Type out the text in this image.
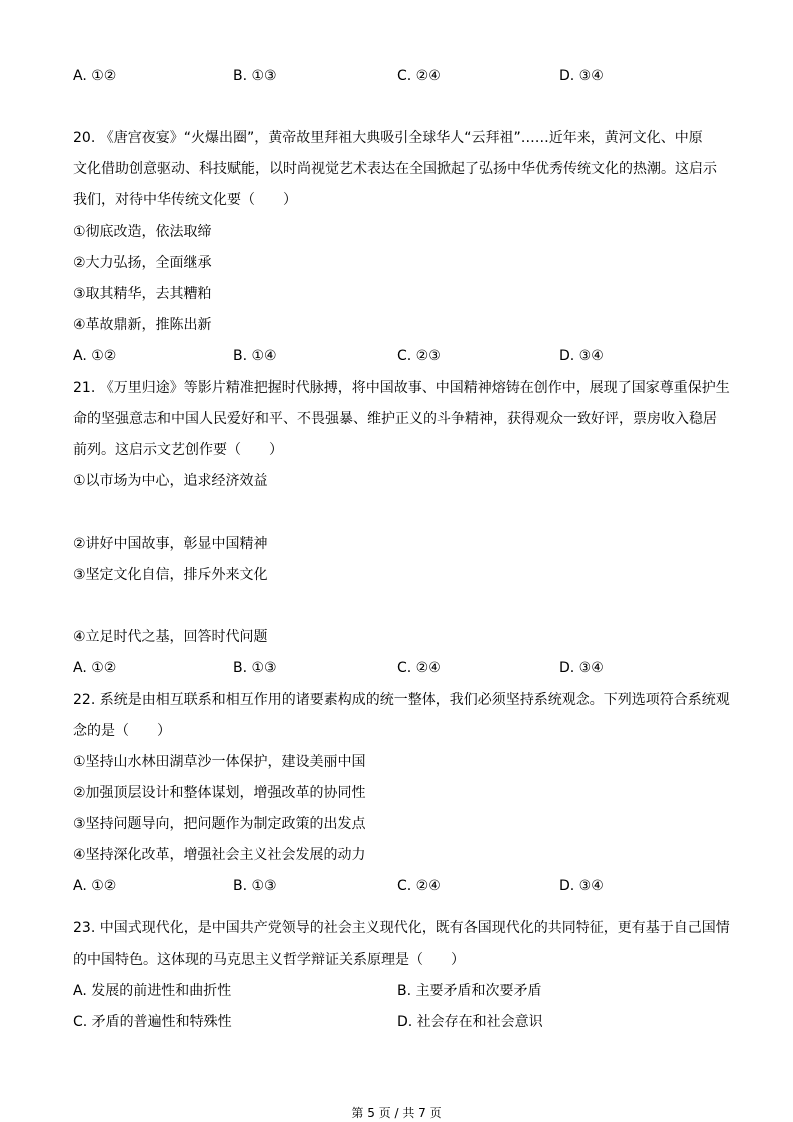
A. ①②	B. ①③	C. ②④	D. ③④
20. 《唐宫夜宴》“火爆出圈”，黄帝故里拜祖大典吸引全球华人“云拜祖”……近年来，黄河文化、中原
文化借助创意驱动、科技赋能，以时尚视觉艺术表达在全国掀起了弘扬中华优秀传统文化的热潮。这启示
我们，对待中华传统文化要（　　）
①彻底改造，依法取缔
②大力弘扬，全面继承
③取其精华，去其糟粕
④革故鼎新，推陈出新
A. ①②	B. ①④	C. ②③	D. ③④
21. 《万里归途》等影片精准把握时代脉搏，将中国故事、中国精神熔铸在创作中，展现了国家尊重保护生
命的坚强意志和中国人民爱好和平、不畏强暴、维护正义的斗争精神，获得观众一致好评，票房收入稳居
前列。这启示文艺创作要（　　）
①以市场为中心，追求经济效益
②讲好中国故事，彰显中国精神
③坚定文化自信，排斥外来文化
④立足时代之基，回答时代问题
A. ①②	B. ①③	C. ②④	D. ③④
22. 系统是由相互联系和相互作用的诸要素构成的统一整体，我们必须坚持系统观念。下列选项符合系统观
念的是（　　）
①坚持山水林田湖草沙一体保护，建设美丽中国
②加强顶层设计和整体谋划，增强改革的协同性
③坚持问题导向，把问题作为制定政策的出发点
④坚持深化改革，增强社会主义社会发展的动力
A. ①②	B. ①③	C. ②④	D. ③④
23. 中国式现代化，是中国共产党领导的社会主义现代化，既有各国现代化的共同特征，更有基于自己国情
的中国特色。这体现的马克思主义哲学辩证关系原理是（　　）
A. 发展的前进性和曲折性	B. 主要矛盾和次要矛盾
C. 矛盾的普遍性和特殊性	D. 社会存在和社会意识
第 5 页 / 共 7 页
